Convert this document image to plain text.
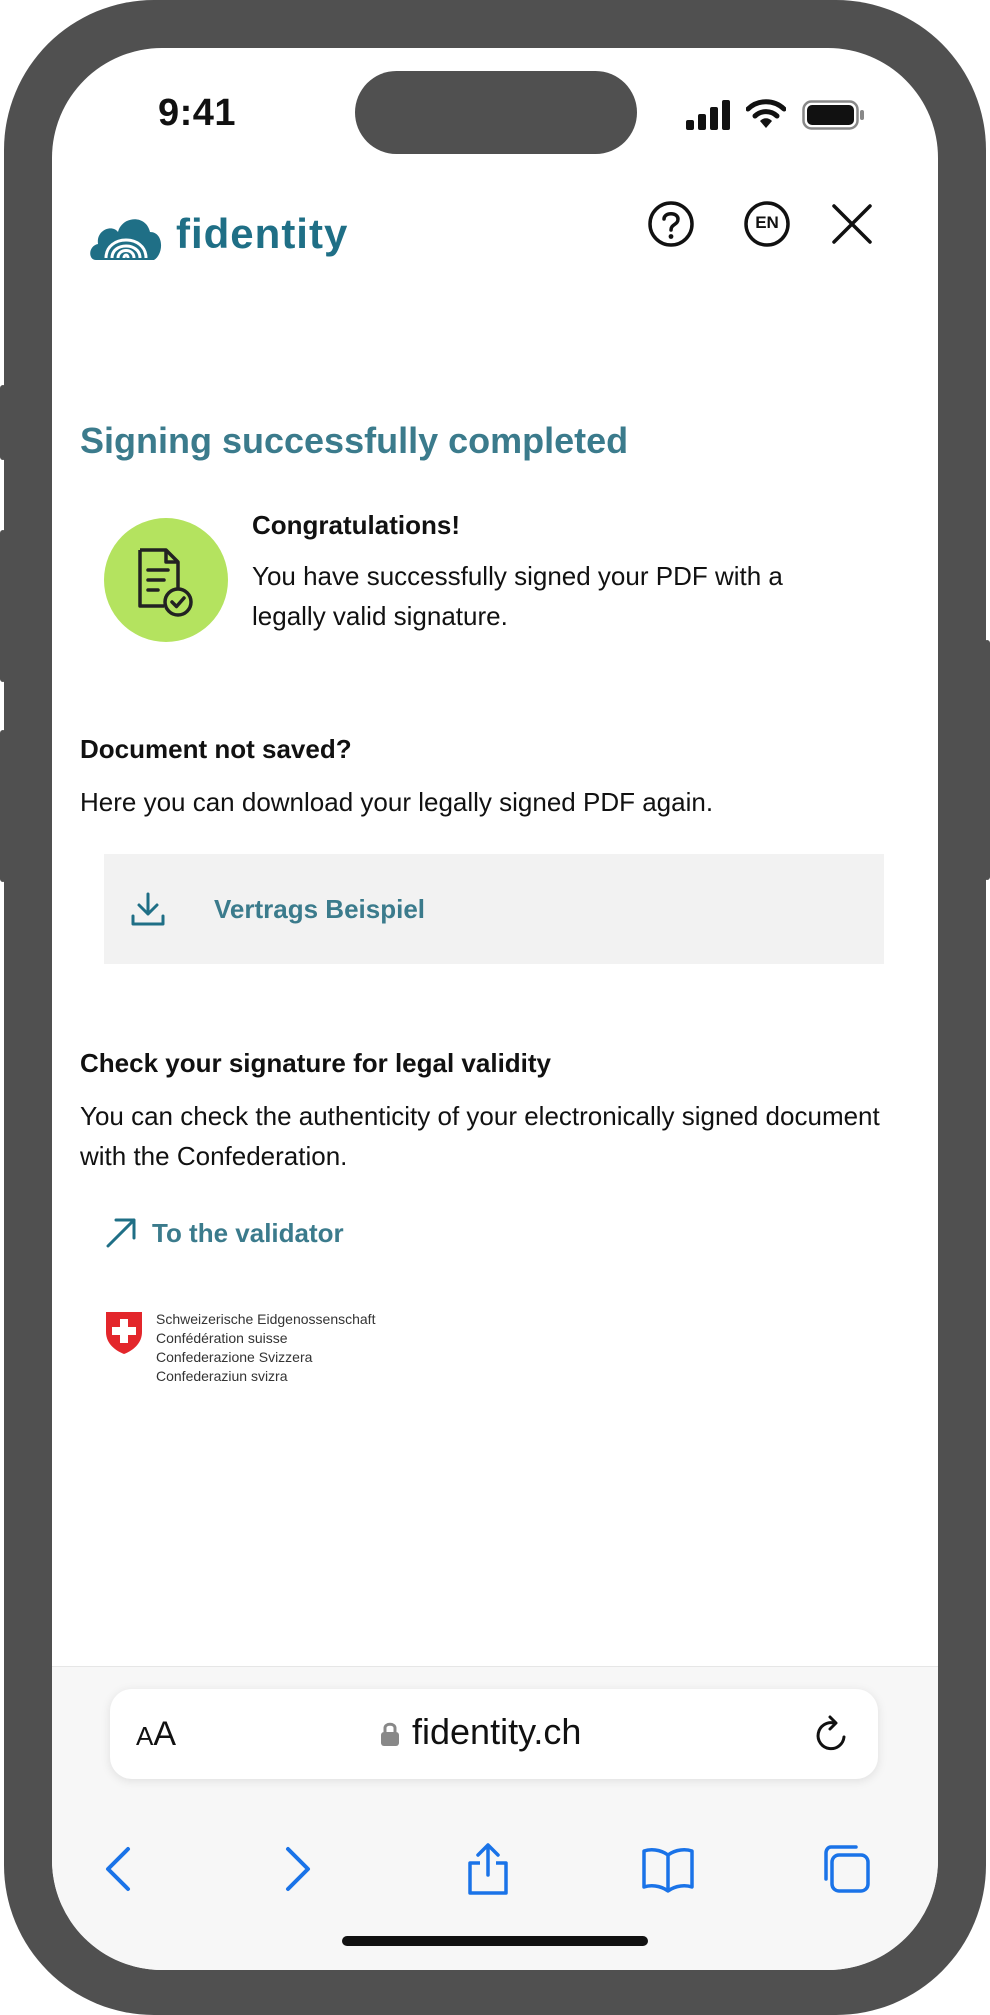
9:41
fidentity	EN
Signing successfully completed
Congratulations!
You have successfully signed your PDF with a legally valid signature.
Document not saved?
Here you can download your legally signed PDF again.
Vertrags Beispiel
Check your signature for legal validity
You can check the authenticity of your electronically signed document with the Confederation.
To the validator
Schweizerische Eidgenossenschaft
Confédération suisse
Confederazione Svizzera
Confederaziun svizra
AA	fidentity.ch
